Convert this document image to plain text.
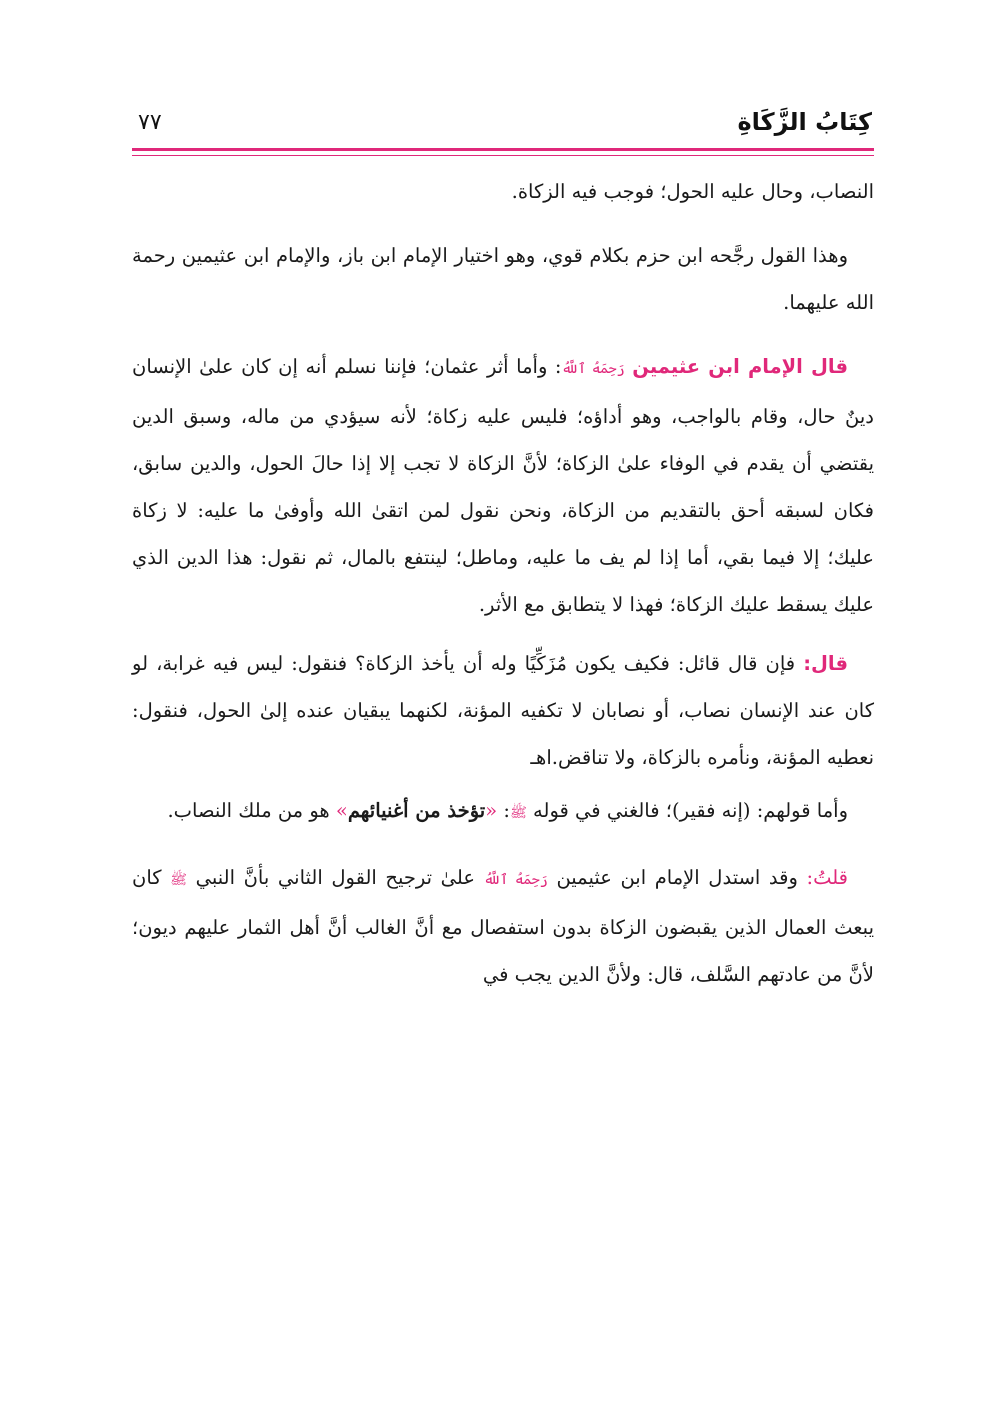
كِتَابُ الزَّكَاةِ
٧٧

النصاب، وحال عليه الحول؛ فوجب فيه الزكاة.

وهذا القول رجَّحه ابن حزم بكلام قوي، وهو اختيار الإمام ابن باز، والإمام ابن عثيمين رحمة الله عليهما.

قال الإمام ابن عثيمين رَحِمَهُ ٱللَّهُ: وأما أثر عثمان؛ فإننا نسلم أنه إن كان علىٰ الإنسان دينٌ حال، وقام بالواجب، وهو أداؤه؛ فليس عليه زكاة؛ لأنه سيؤدي من ماله، وسبق الدين يقتضي أن يقدم في الوفاء علىٰ الزكاة؛ لأنَّ الزكاة لا تجب إلا إذا حالَ الحول، والدين سابق، فكان لسبقه أحق بالتقديم من الزكاة، ونحن نقول لمن اتقىٰ الله وأوفىٰ ما عليه: لا زكاة عليك؛ إلا فيما بقي، أما إذا لم يف ما عليه، وماطل؛ لينتفع بالمال، ثم نقول: هذا الدين الذي عليك يسقط عليك الزكاة؛ فهذا لا يتطابق مع الأثر.

قال: فإن قال قائل: فكيف يكون مُزَكِّيًا وله أن يأخذ الزكاة؟ فنقول: ليس فيه غرابة، لو كان عند الإنسان نصاب، أو نصابان لا تكفيه المؤنة، لكنهما يبقيان عنده إلىٰ الحول، فنقول: نعطيه المؤنة، ونأمره بالزكاة، ولا تناقض.اهـ

وأما قولهم: (إنه فقير)؛ فالغني في قوله ﷺ: «تؤخذ من أغنيائهم» هو من ملك النصاب.

قلتُ: وقد استدل الإمام ابن عثيمين رَحِمَهُ ٱللَّهُ علىٰ ترجيح القول الثاني بأنَّ النبي ﷺ كان يبعث العمال الذين يقبضون الزكاة بدون استفصال مع أنَّ الغالب أنَّ أهل الثمار عليهم ديون؛ لأنَّ من عادتهم السَّلف، قال: ولأنَّ الدين يجب في
